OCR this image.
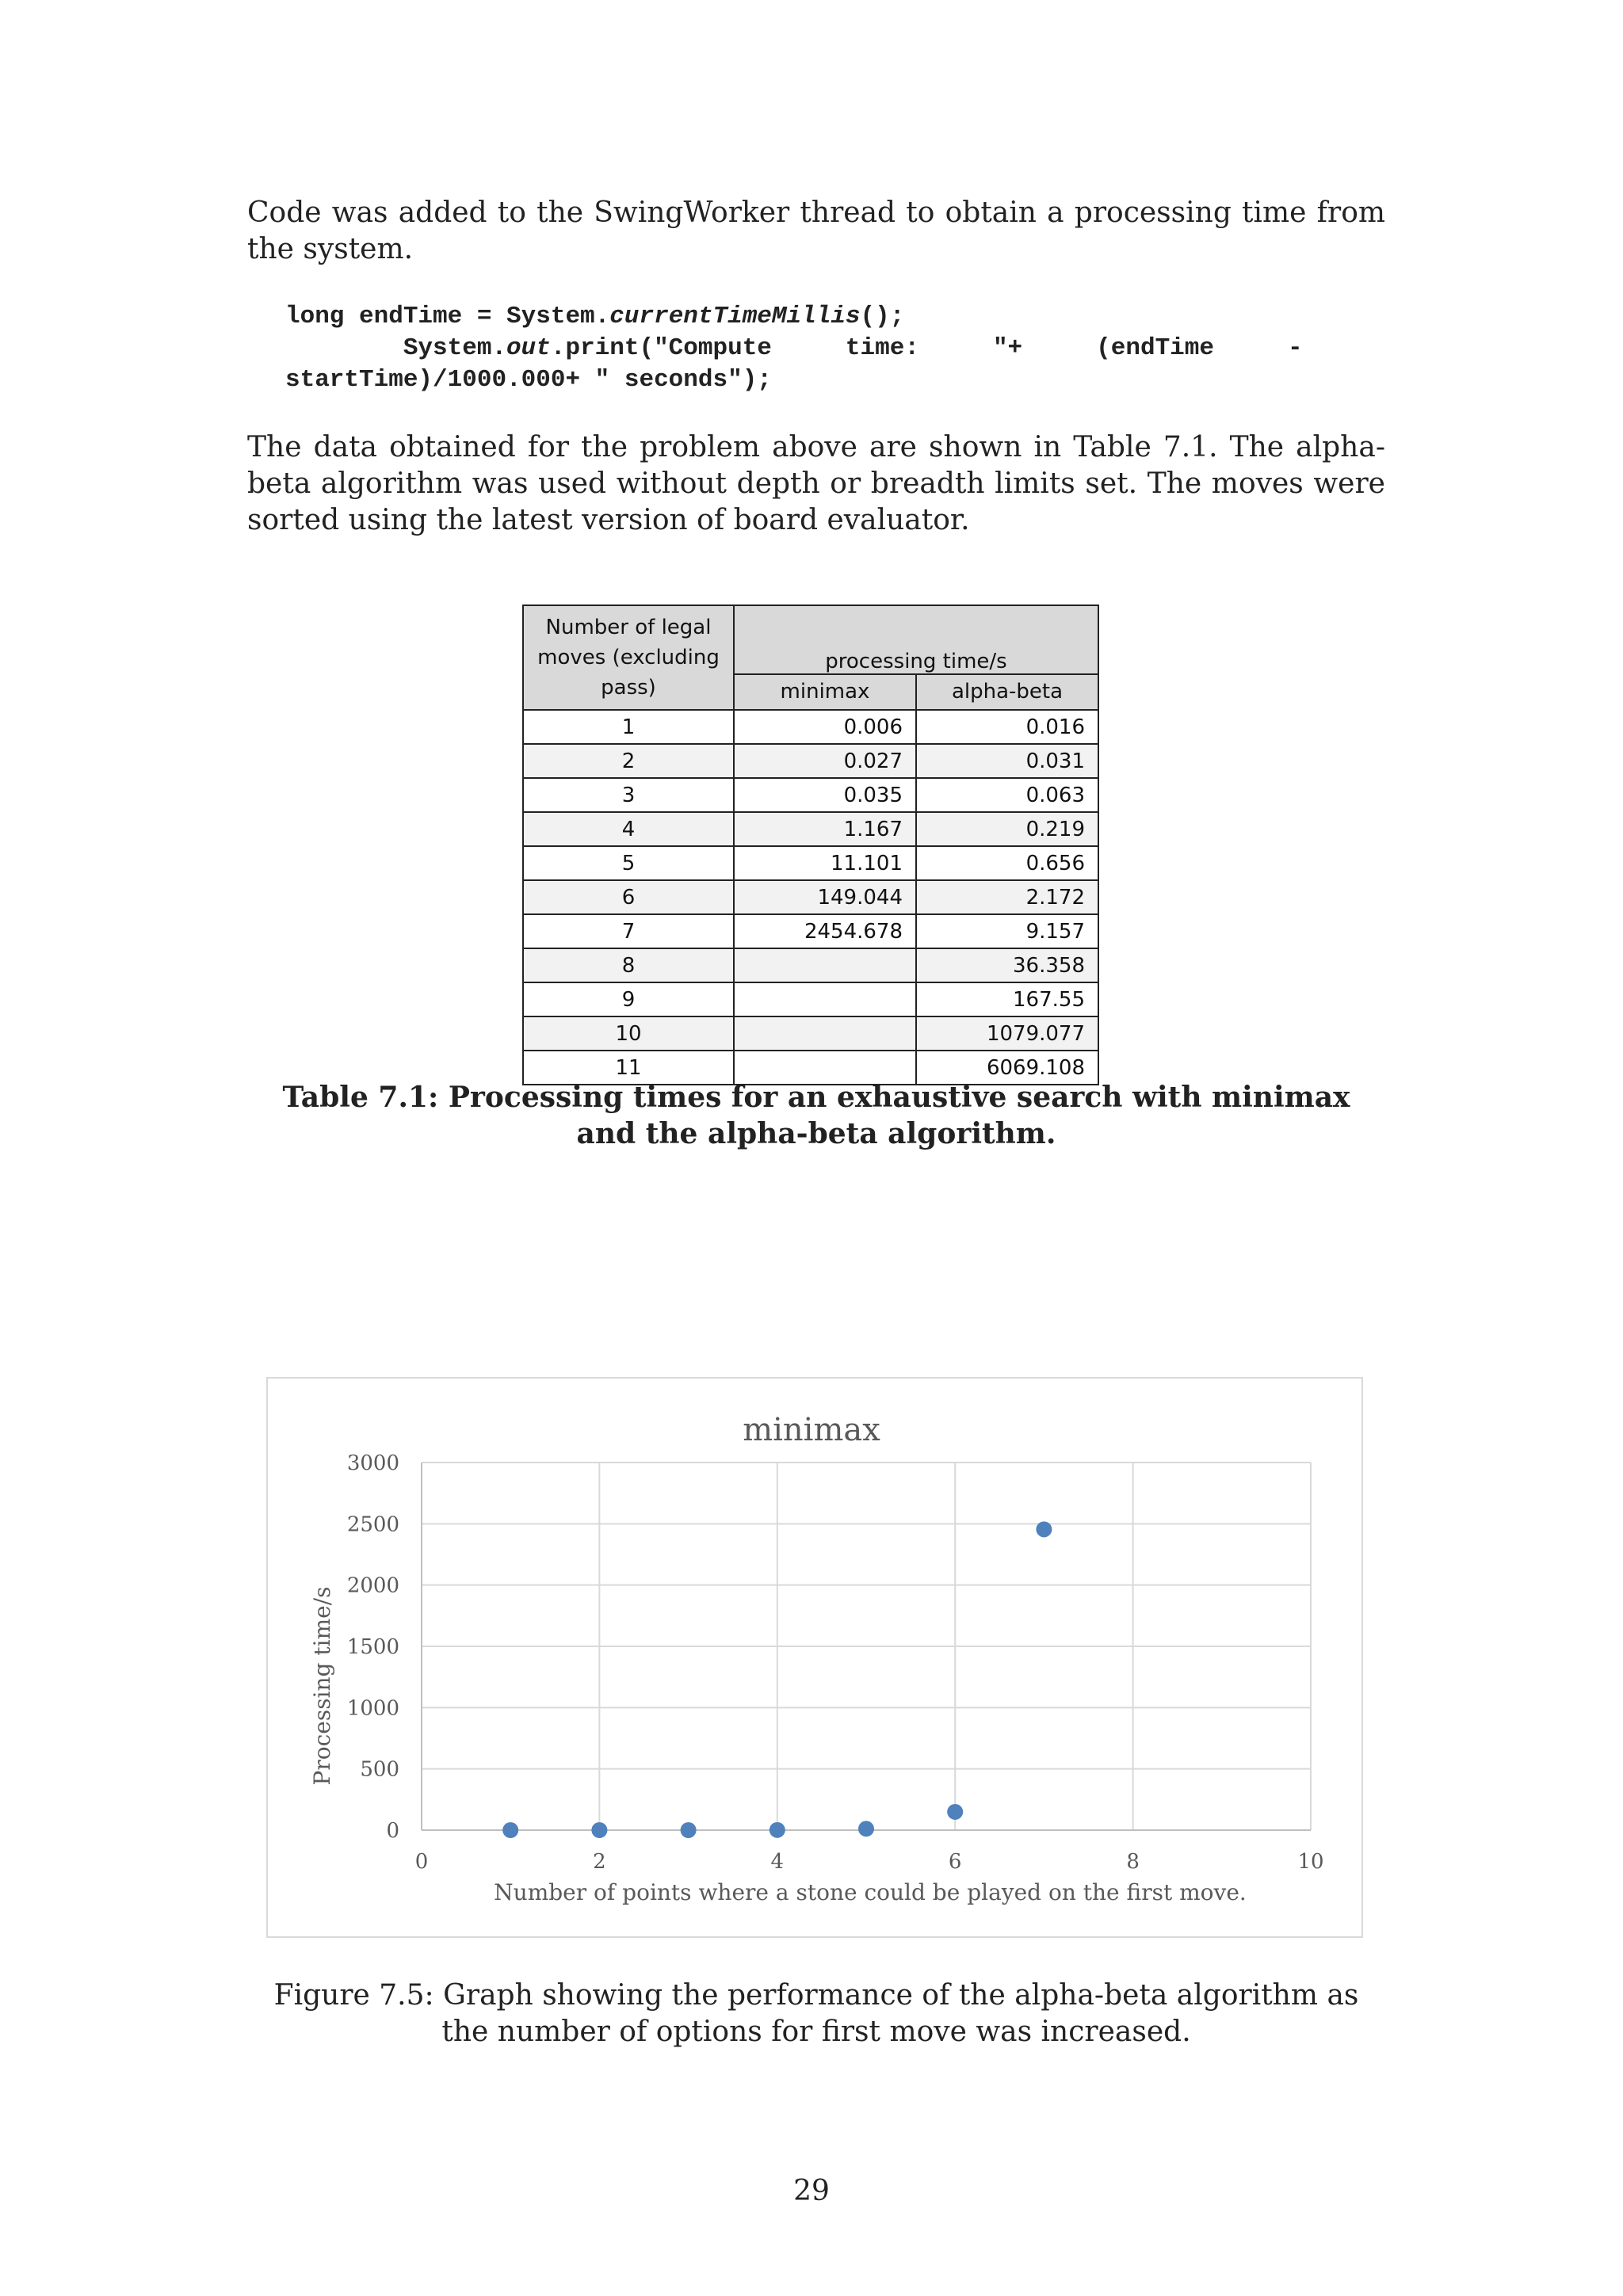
Code was added to the SwingWorker thread to obtain a processing time from the system.

long endTime = System.currentTimeMillis();
System.out.print("Compute     time:     "+     (endTime     -
startTime)/1000.000+ " seconds");

The data obtained for the problem above are shown in Table 7.1. The alpha-beta algorithm was used without depth or breadth limits set. The moves were sorted using the latest version of board evaluator.

Number of legal moves (excluding pass)	processing time/s	
	minimax	alpha-beta
1	0.006	0.016
2	0.027	0.031
3	0.035	0.063
4	1.167	0.219
5	11.101	0.656
6	149.044	2.172
7	2454.678	9.157
8		36.358
9		167.55
10		1079.077
11		6069.108

Table 7.1: Processing times for an exhaustive search with minimax and the alpha-beta algorithm.

0
500
1000
1500
2000
2500
3000
0	2	4	6	8	10
minimax
Number of points where a stone could be played on the first move.
Processing time/s

Figure 7.5: Graph showing the performance of the alpha-beta algorithm as the number of options for first move was increased.

29
